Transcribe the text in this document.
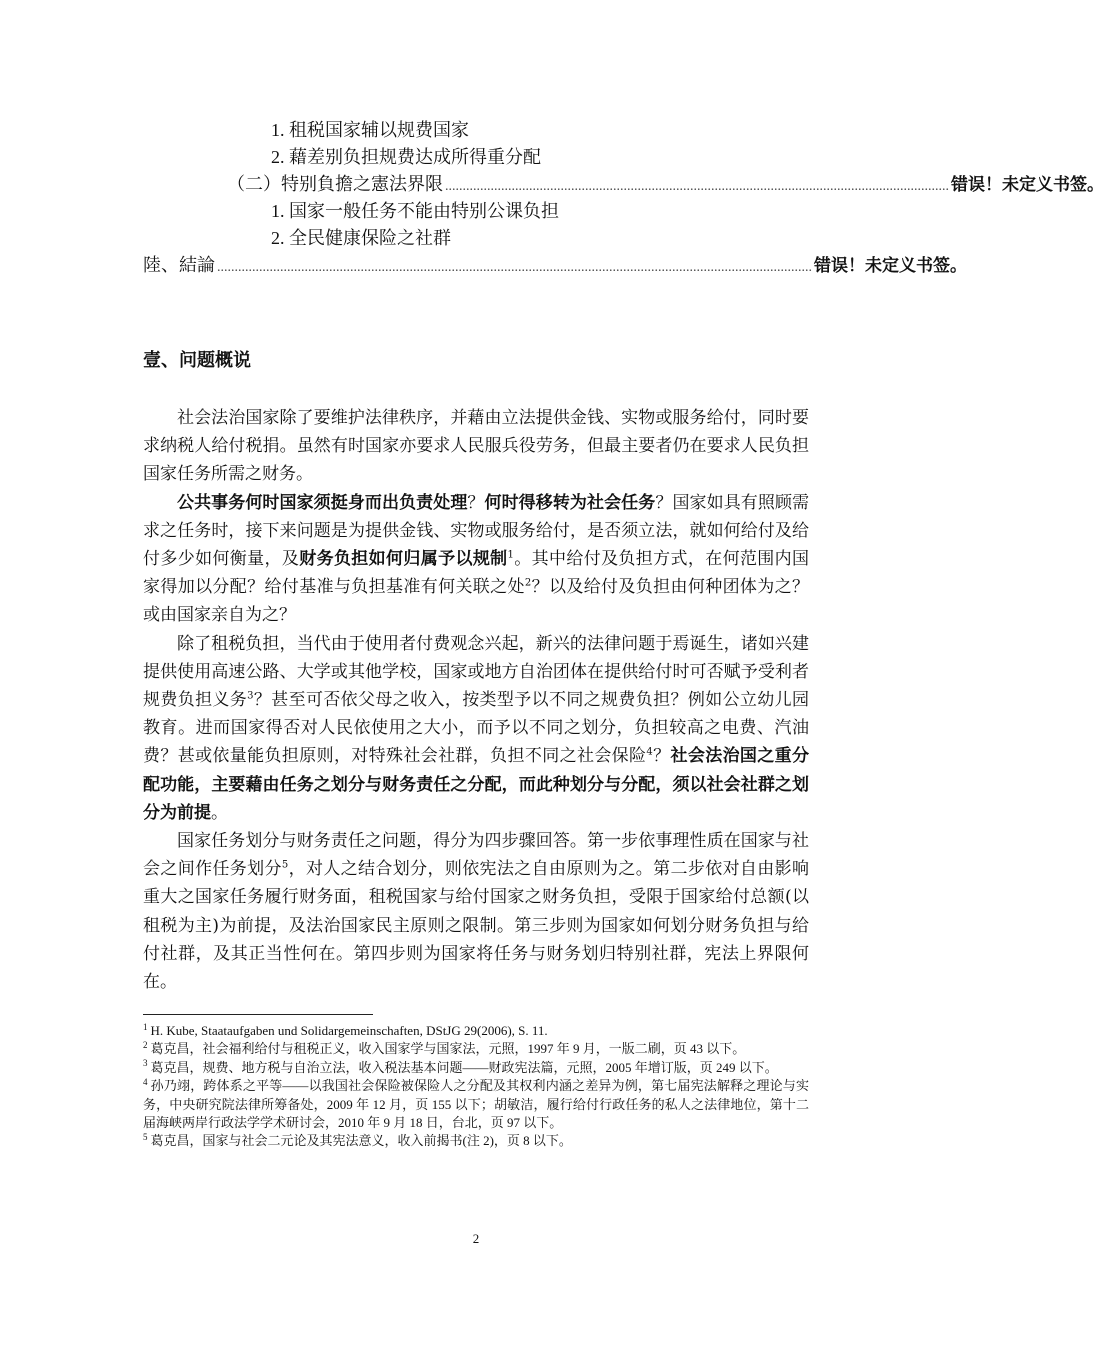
1. 租税国家辅以规费国家
2. 藉差别负担规费达成所得重分配
（二）特别負擔之憲法界限 ................................................................................................................................................ 错误！未定义书签。
1. 国家一般任务不能由特别公课负担
2. 全民健康保险之社群
陸、結論 .......................................................................................................................................................................... 错误！未定义书签。
壹、问题概说

社会法治国家除了要维护法律秩序，并藉由立法提供金钱、实物或服务给付，同时要求纳税人给付税捐。虽然有时国家亦要求人民服兵役劳务，但最主要者仍在要求人民负担国家任务所需之财务。

公共事务何时国家须挺身而出负责处理？何时得移转为社会任务？国家如具有照顾需求之任务时，接下来问题是为提供金钱、实物或服务给付，是否须立法，就如何给付及给付多少如何衡量，及财务负担如何归属予以规制$^1$。其中给付及负担方式，在何范围内国家得加以分配？给付基准与负担基准有何关联之处$^2$？以及给付及负担由何种团体为之？或由国家亲自为之？

除了租税负担，当代由于使用者付费观念兴起，新兴的法律问题于焉诞生，诸如兴建提供使用高速公路、大学或其他学校，国家或地方自治团体在提供给付时可否赋予受利者规费负担义务$^3$？甚至可否依父母之收入，按类型予以不同之规费负担？例如公立幼儿园教育。进而国家得否对人民依使用之大小，而予以不同之划分，负担较高之电费、汽油费？甚或依量能负担原则，对特殊社会社群，负担不同之社会保险$^4$？社会法治国之重分配功能，主要藉由任务之划分与财务责任之分配，而此种划分与分配，须以社会社群之划分为前提。

国家任务划分与财务责任之问题，得分为四步骤回答。第一步依事理性质在国家与社会之间作任务划分$^5$，对人之结合划分，则依宪法之自由原则为之。第二步依对自由影响重大之国家任务履行财务面，租税国家与给付国家之财务负担，受限于国家给付总额(以租税为主)为前提，及法治国家民主原则之限制。第三步则为国家如何划分财务负担与给付社群，及其正当性何在。第四步则为国家将任务与财务划归特别社群，宪法上界限何在。

$^1$ H. Kube, Staataufgaben und Solidargemeinschaften, DStJG 29(2006), S. 11.

$^2$ 葛克昌，社会福利给付与租税正义，收入国家学与国家法，元照，1997 年 9 月，一版二刷，页 43 以下。

$^3$ 葛克昌，规费、地方税与自治立法，收入税法基本问题——财政宪法篇，元照，2005 年增订版，页 249 以下。

$^4$ 孙乃翊，跨体系之平等——以我国社会保险被保险人之分配及其权利内涵之差异为例，第七届宪法解释之理论与实务，中央研究院法律所筹备处，2009 年 12 月，页 155 以下；胡敏洁，履行给付行政任务的私人之法律地位，第十二届海峡两岸行政法学学术研讨会，2010 年 9 月 18 日，台北，页 97 以下。

$^5$ 葛克昌，国家与社会二元论及其宪法意义，收入前揭书(注 2)，页 8 以下。

2
